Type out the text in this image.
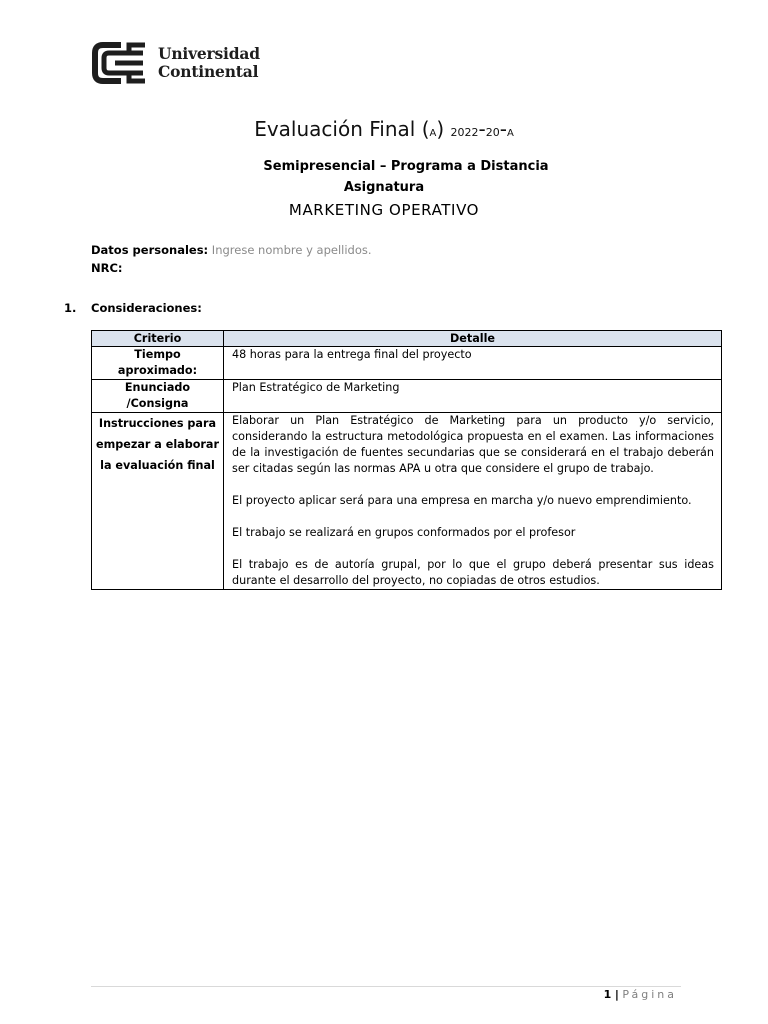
Universidad
Continental
Evaluación Final (A) 2022-20-A
Semipresencial – Programa a Distancia
Asignatura
MARKETING OPERATIVO
Datos personales: Ingrese nombre y apellidos.
NRC:
1. Consideraciones:
Criterio	Detalle
Tiempo aproximado:	48 horas para la entrega final del proyecto

Enunciado /Consigna	Plan Estratégico de Marketing

Instrucciones para empezar a elaborar la evaluación final	Elaborar un Plan Estratégico de Marketing para un producto y/o servicio, considerando la estructura metodológica propuesta en el examen. Las informaciones de la investigación de fuentes secundarias que se considerará en el trabajo deberán ser citadas según las normas APA u otra que considere el grupo de trabajo.

El proyecto aplicar será para una empresa en marcha y/o nuevo emprendimiento.

El trabajo se realizará en grupos conformados por el profesor

El trabajo es de autoría grupal, por lo que el grupo deberá presentar sus ideas durante el desarrollo del proyecto, no copiadas de otros estudios.

1 | Página
